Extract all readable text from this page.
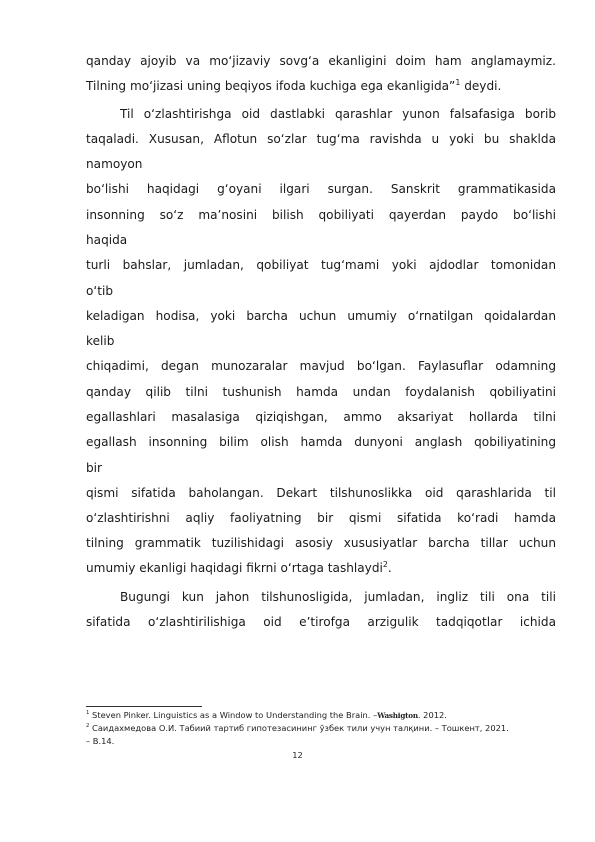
qanday ajoyib va mo‘jizaviy sovg‘a ekanligini doim ham anglamaymiz.
Tilning mo‘jizasi uning beqiyos ifoda kuchiga ega ekanligida”$^1$ deydi.
Til o‘zlashtirishga oid dastlabki qarashlar yunon falsafasiga borib
taqaladi. Xususan, Aflotun so‘zlar tug‘ma ravishda u yoki bu shaklda
namoyon
bo‘lishi haqidagi g‘oyani ilgari surgan. Sanskrit grammatikasida
insonning so‘z ma’nosini bilish qobiliyati qayerdan paydo bo‘lishi
haqida
turli bahslar, jumladan, qobiliyat tug‘mami yoki ajdodlar tomonidan
o‘tib
keladigan hodisa, yoki barcha uchun umumiy o‘rnatilgan qoidalardan
kelib
chiqadimi, degan munozaralar mavjud bo‘lgan. Faylasuflar odamning
qanday qilib tilni tushunish hamda undan foydalanish qobiliyatini
egallashlari masalasiga qiziqishgan, ammo aksariyat hollarda tilni
egallash insonning bilim olish hamda dunyoni anglash qobiliyatining
bir
qismi sifatida baholangan. Dekart tilshunoslikka oid qarashlarida til
o‘zlashtirishni aqliy faoliyatning bir qismi sifatida ko‘radi hamda
tilning grammatik tuzilishidagi asosiy xususiyatlar barcha tillar uchun
umumiy ekanligi haqidagi fikrni o‘rtaga tashlaydi$^2$.
Bugungi kun jahon tilshunosligida, jumladan, ingliz tili ona tili
sifatida o‘zlashtirilishiga oid e’tirofga arzigulik tadqiqotlar ichida
$^1$ Steven Pinker. Linguistics as a Window to Understanding the Brain. –Washigton. 2012.
$^2$ Саидахмедова О.И. Табиий тартиб гипотезасининг ўзбек тили учун талқини. – Тошкент, 2021.
– B.14.
12
